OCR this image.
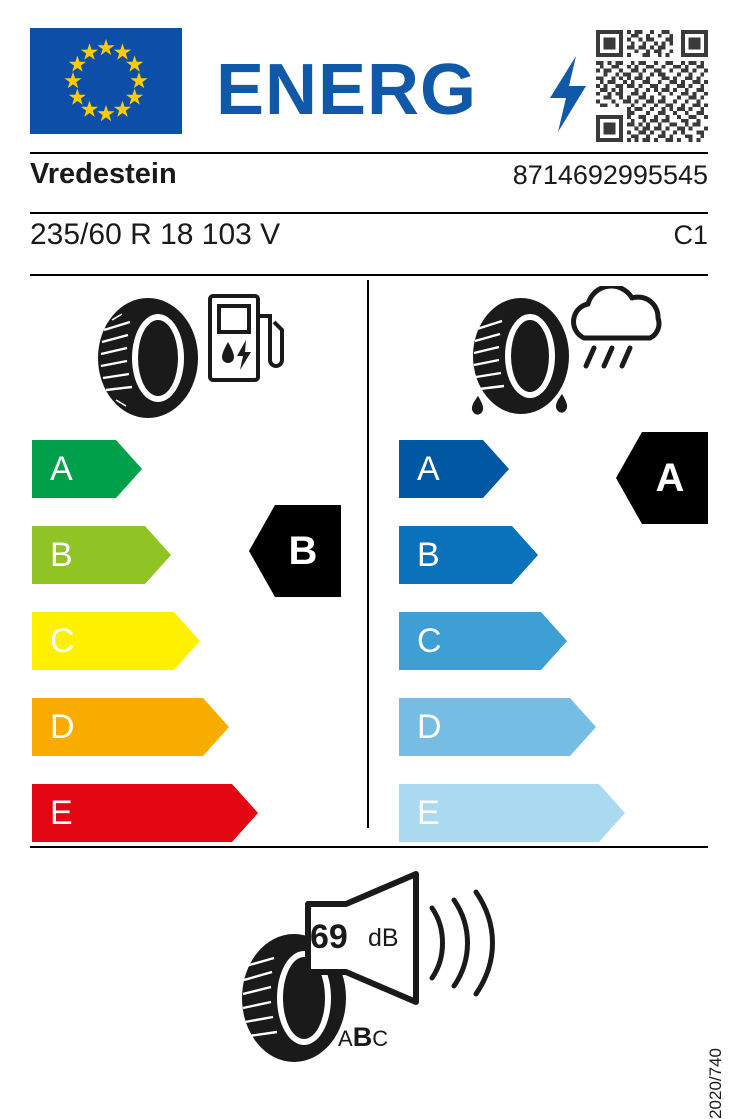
ENERG
Vredestein	8714692995545
235/60 R 18 103 V	C1
A
B
C
D
E
B
A
B
C
D
E
A
69 dB
ABC
2020/740
